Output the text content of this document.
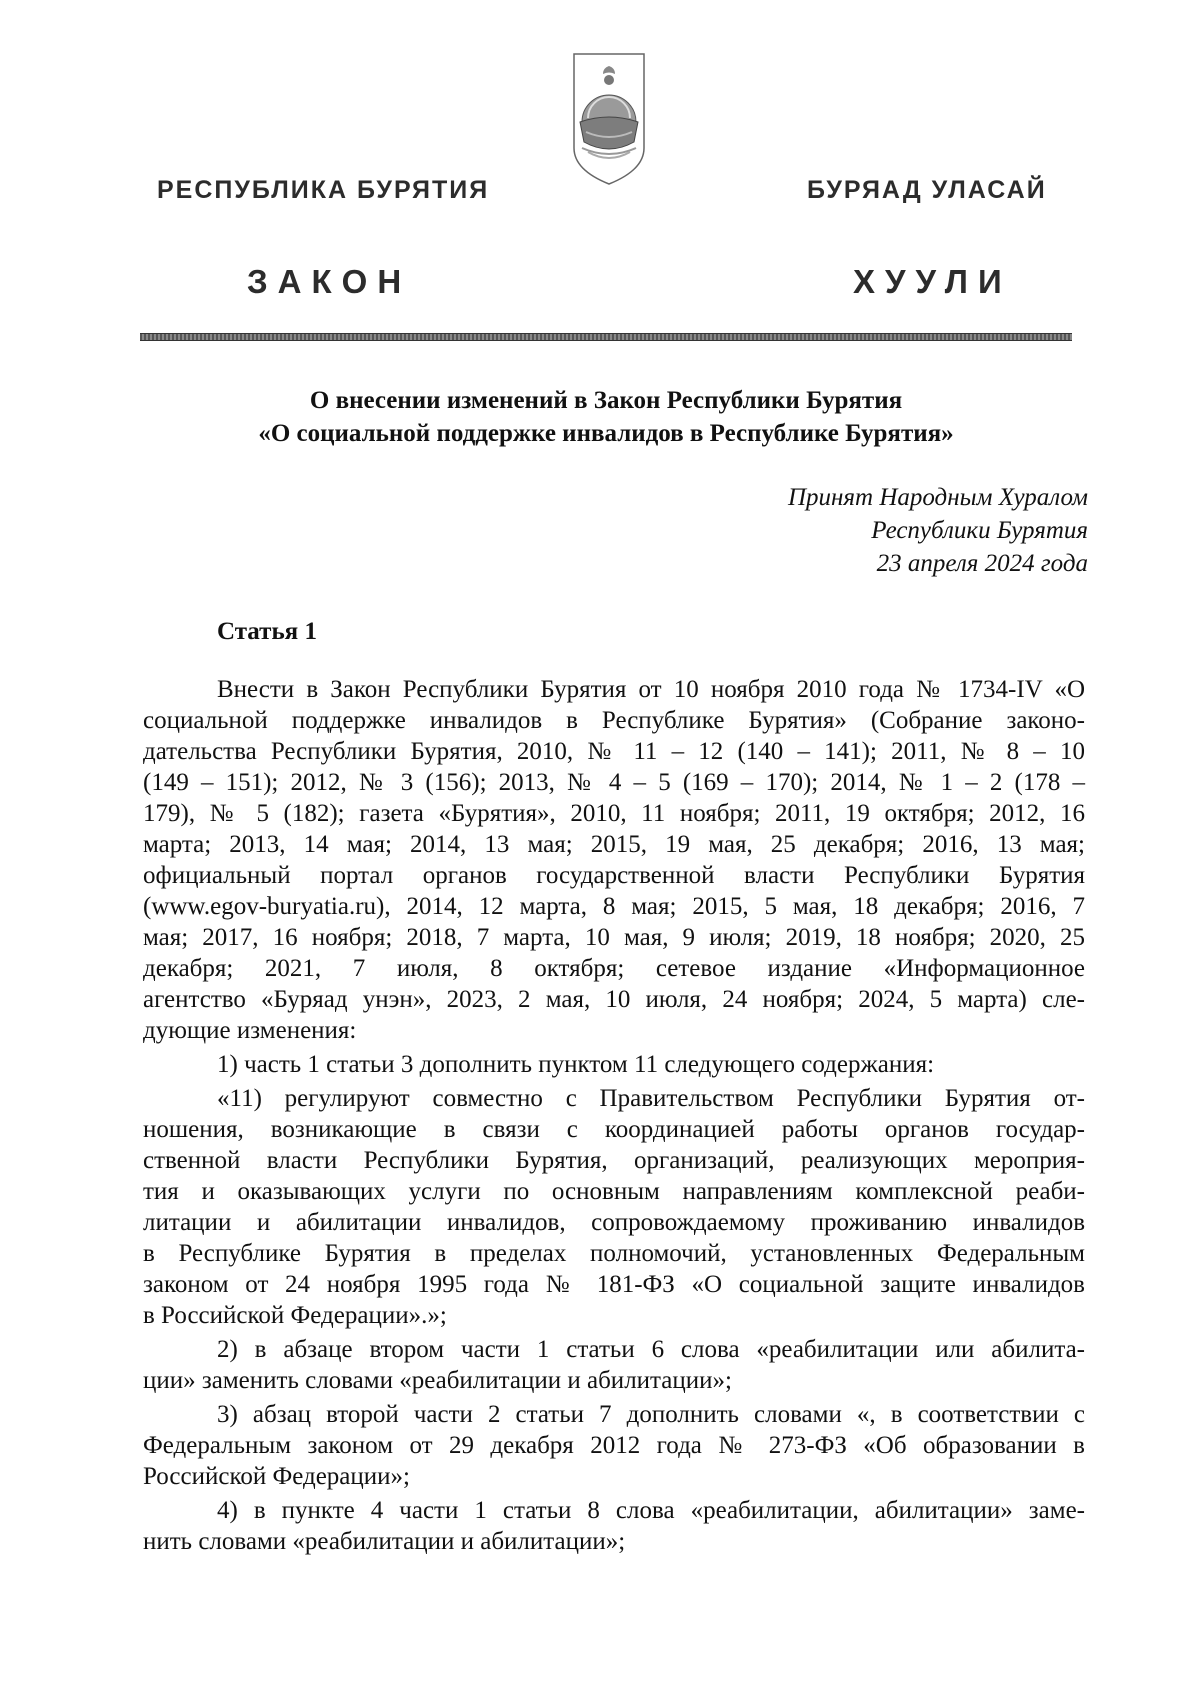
РЕСПУБЛИКА БУРЯТИЯ	БУРЯАД УЛАСАЙ
ЗАКОН	ХУУЛИ
О внесении изменений в Закон Республики Бурятия
«О социальной поддержке инвалидов в Республике Бурятия»
Принят Народным Хуралом
Республики Бурятия
23 апреля 2024 года
Статья 1

Внести в Закон Республики Бурятия от 10 ноября 2010 года № 1734-IV «О
социальной поддержке инвалидов в Республике Бурятия» (Собрание законо-
дательства Республики Бурятия, 2010, № 11 – 12 (140 – 141); 2011, № 8 – 10
(149 – 151); 2012, № 3 (156); 2013, № 4 – 5 (169 – 170); 2014, № 1 – 2 (178 –
179), № 5 (182); газета «Бурятия», 2010, 11 ноября; 2011, 19 октября; 2012, 16
марта; 2013, 14 мая; 2014, 13 мая; 2015, 19 мая, 25 декабря; 2016, 13 мая;
официальный портал органов государственной власти Республики Бурятия
(www.egov-buryatia.ru), 2014, 12 марта, 8 мая; 2015, 5 мая, 18 декабря; 2016, 7
мая; 2017, 16 ноября; 2018, 7 марта, 10 мая, 9 июля; 2019, 18 ноября; 2020, 25
декабря; 2021, 7 июля, 8 октября; сетевое издание «Информационное
агентство «Буряад унэн», 2023, 2 мая, 10 июля, 24 ноября; 2024, 5 марта) сле-
дующие изменения:

1) часть 1 статьи 3 дополнить пунктом 11 следующего содержания:

«11) регулируют совместно с Правительством Республики Бурятия от-
ношения, возникающие в связи с координацией работы органов государ-
ственной власти Республики Бурятия, организаций, реализующих мероприя-
тия и оказывающих услуги по основным направлениям комплексной реаби-
литации и абилитации инвалидов, сопровождаемому проживанию инвалидов
в Республике Бурятия в пределах полномочий, установленных Федеральным
законом от 24 ноября 1995 года № 181-ФЗ «О социальной защите инвалидов
в Российской Федерации».»;

2) в абзаце втором части 1 статьи 6 слова «реабилитации или абилита-
ции» заменить словами «реабилитации и абилитации»;

3) абзац второй части 2 статьи 7 дополнить словами «, в соответствии с
Федеральным законом от 29 декабря 2012 года № 273-ФЗ «Об образовании в
Российской Федерации»;

4) в пункте 4 части 1 статьи 8 слова «реабилитации, абилитации» заме-
нить словами «реабилитации и абилитации»;
